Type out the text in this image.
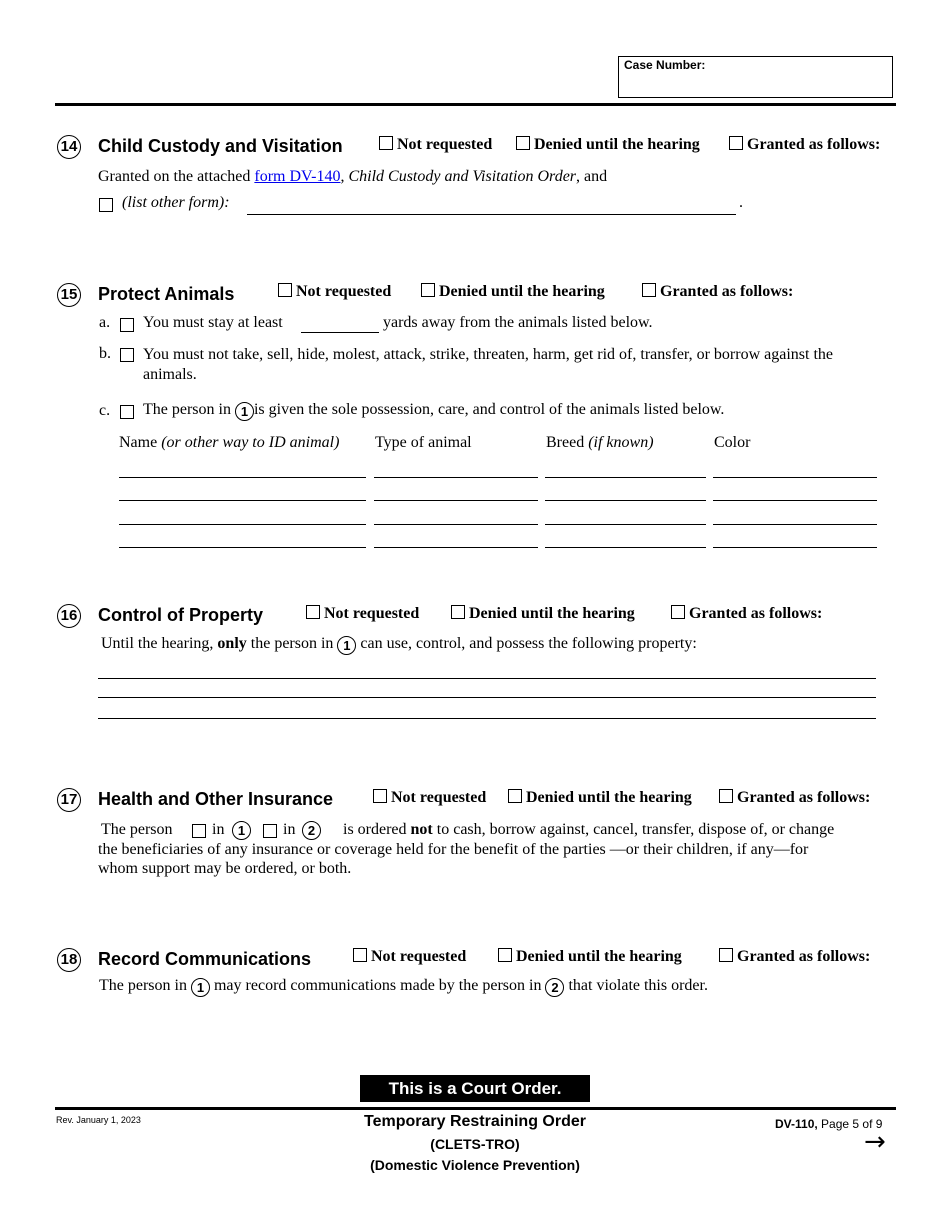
Case Number:
14 Child Custody and Visitation	Not requested	Denied until the hearing	Granted as follows:
Granted on the attached form DV-140, Child Custody and Visitation Order, and
(list other form):	.
15 Protect Animals	Not requested	Denied until the hearing	Granted as follows:
a. You must stay at least	yards away from the animals listed below.
b. You must not take, sell, hide, molest, attack, strike, threaten, harm, get rid of, transfer, or borrow against the animals.
c. The person in 1 is given the sole possession, care, and control of the animals listed below.
Name (or other way to ID animal) Type of animal	Breed (if known)	Color
16 Control of Property	Not requested	Denied until the hearing	Granted as follows:
Until the hearing, only the person in 1 can use, control, and possess the following property:
17 Health and Other Insurance	Not requested	Denied until the hearing	Granted as follows:
The person in	1	in 2	is ordered not to cash, borrow against, cancel, transfer, dispose of, or change
the beneficiaries of any insurance or coverage held for the benefit of the parties —or their children, if any—for
whom support may be ordered, or both.
18 Record Communications	Not requested	Denied until the hearing	Granted as follows:
The person in 1 may record communications made by the person in 2 that violate this order.
This is a Court Order.
Rev. January 1, 2023	Temporary Restraining Order
(CLETS-TRO)
(Domestic Violence Prevention)
DV-110, Page 5 of 9
→
